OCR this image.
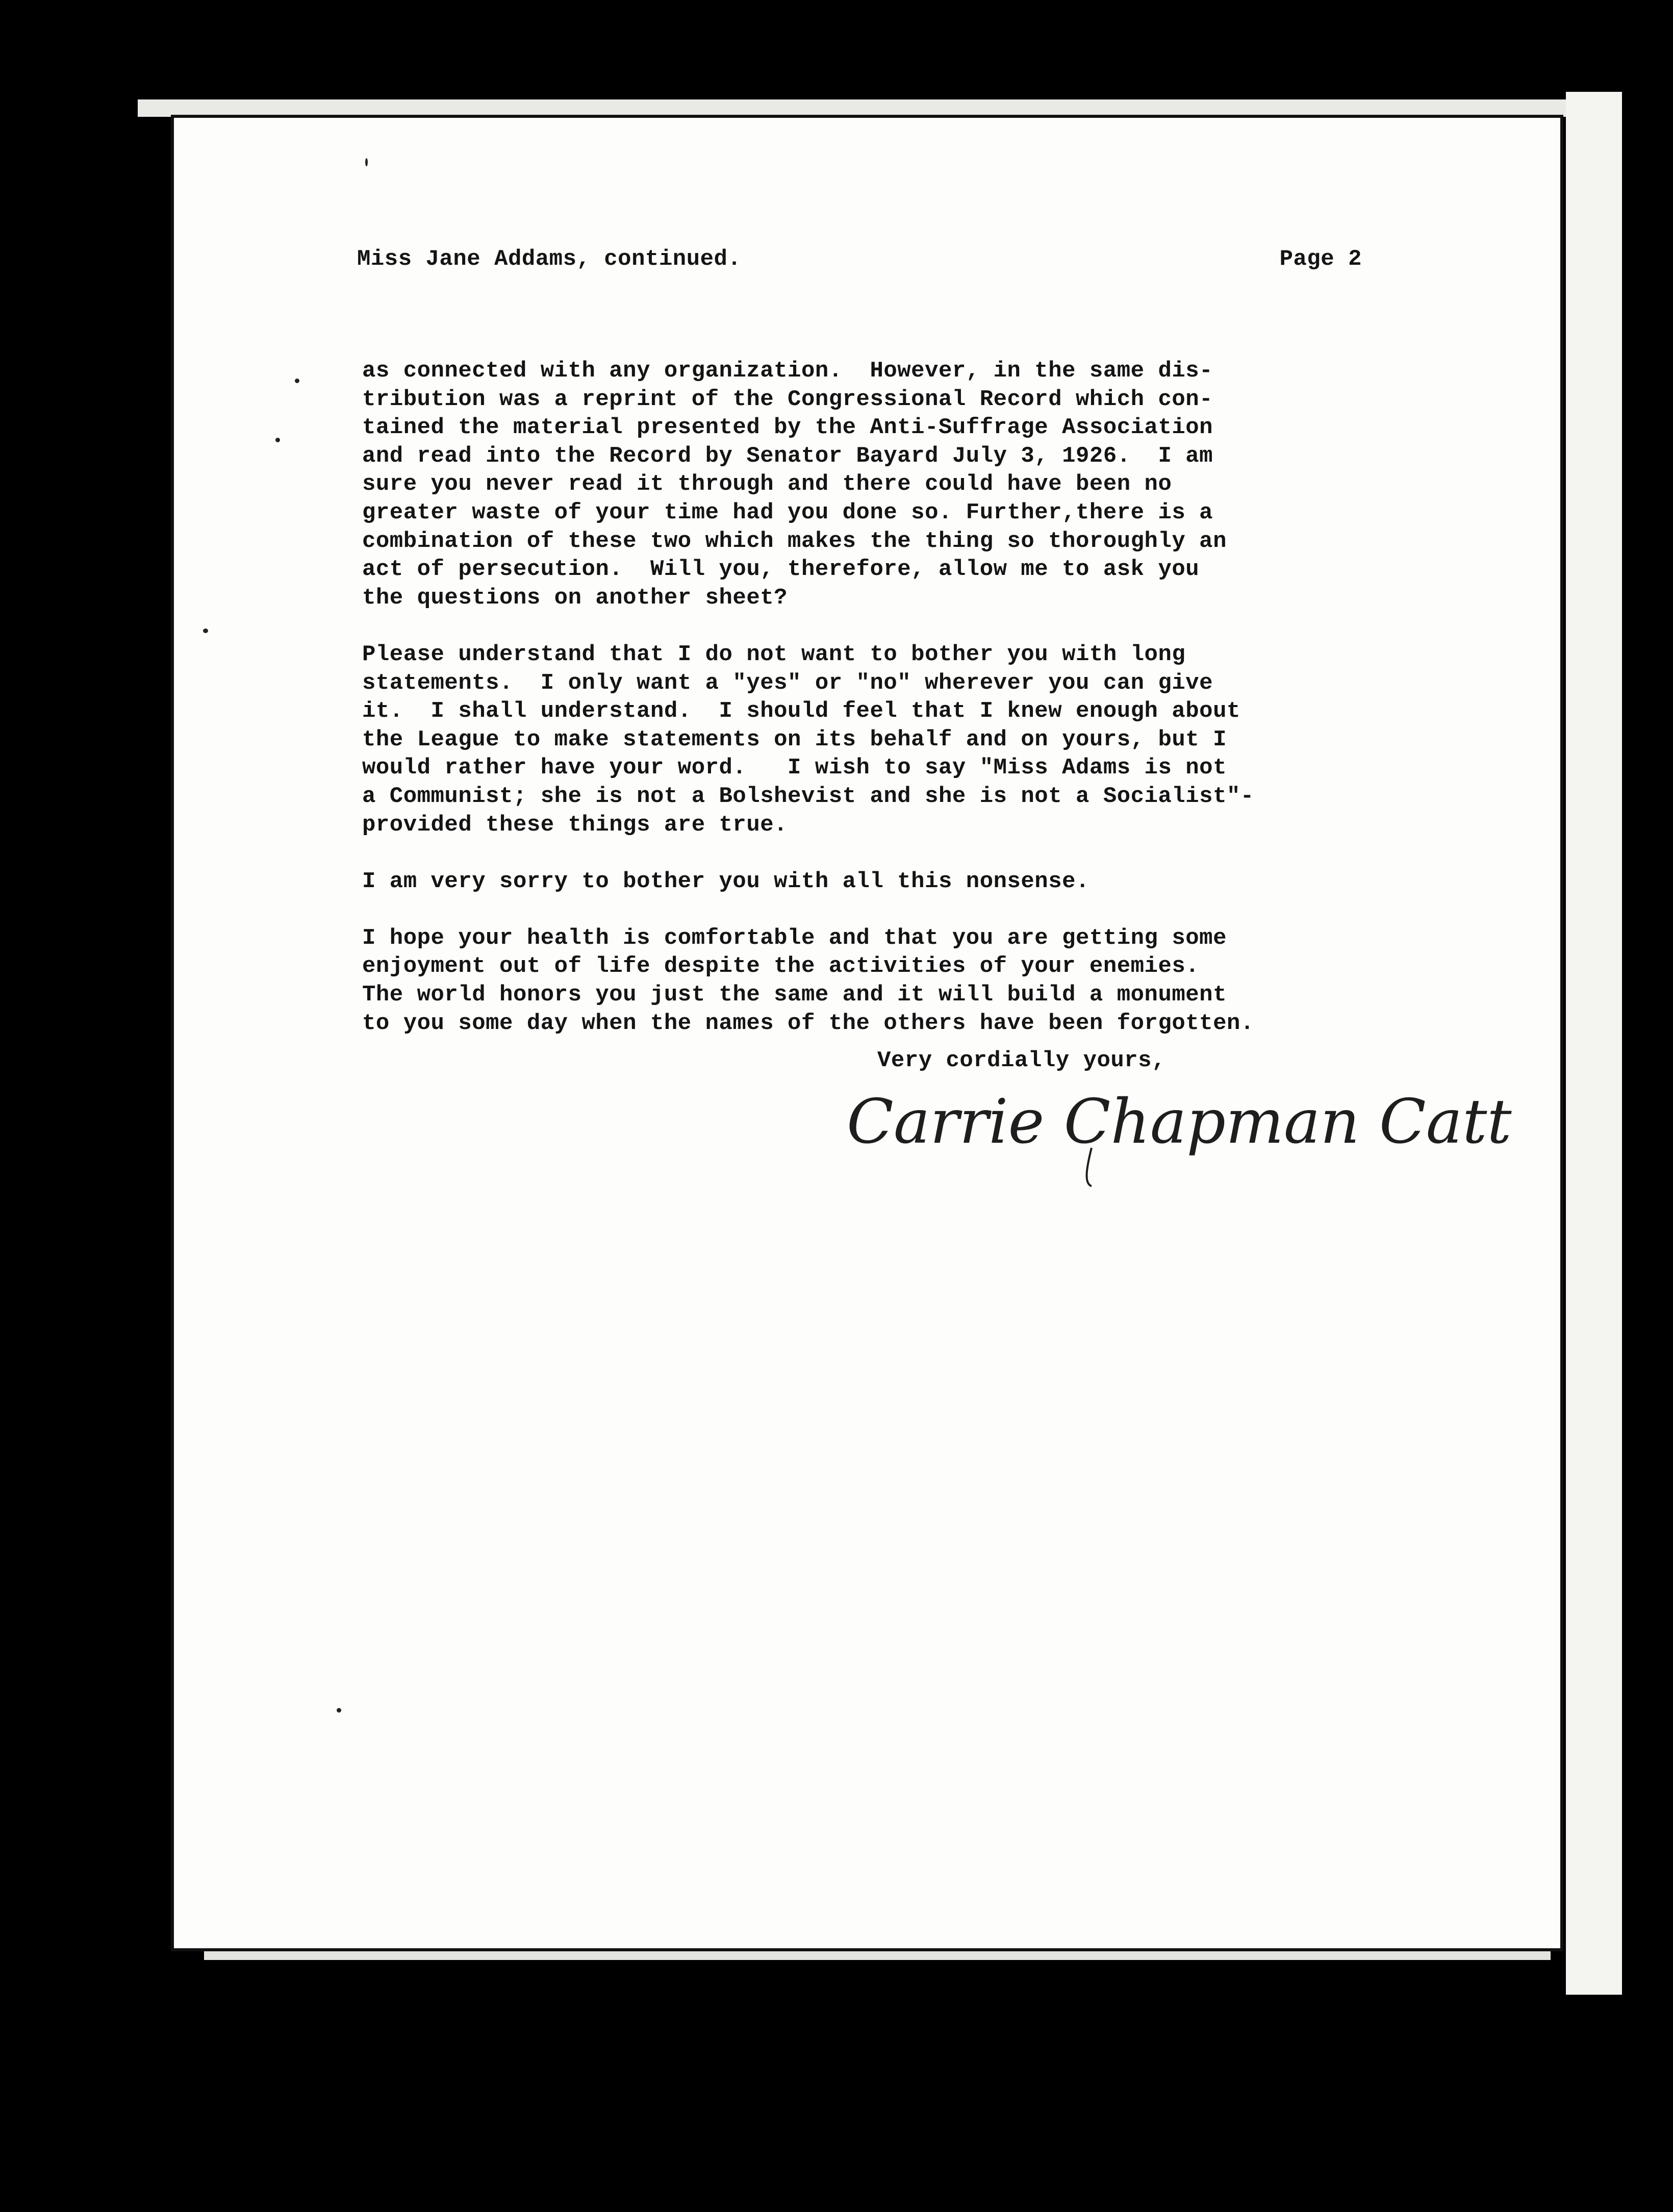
Miss Jane Addams, continued.	Page 2
as connected with any organization.  However, in the same dis-
tribution was a reprint of the Congressional Record which con-
tained the material presented by the Anti-Suffrage Association
and read into the Record by Senator Bayard July 3, 1926.  I am
sure you never read it through and there could have been no
greater waste of your time had you done so. Further,there is a
combination of these two which makes the thing so thoroughly an
act of persecution.  Will you, therefore, allow me to ask you
the questions on another sheet?
Please understand that I do not want to bother you with long
statements.  I only want a "yes" or "no" wherever you can give
it.  I shall understand.  I should feel that I knew enough about
the League to make statements on its behalf and on yours, but I
would rather have your word.   I wish to say "Miss Adams is not
a Communist; she is not a Bolshevist and she is not a Socialist"-
provided these things are true.
I am very sorry to bother you with all this nonsense.
I hope your health is comfortable and that you are getting some
enjoyment out of life despite the activities of your enemies.
The world honors you just the same and it will build a monument
to you some day when the names of the others have been forgotten.
Very cordially yours,
Carrie Chapman Catt
